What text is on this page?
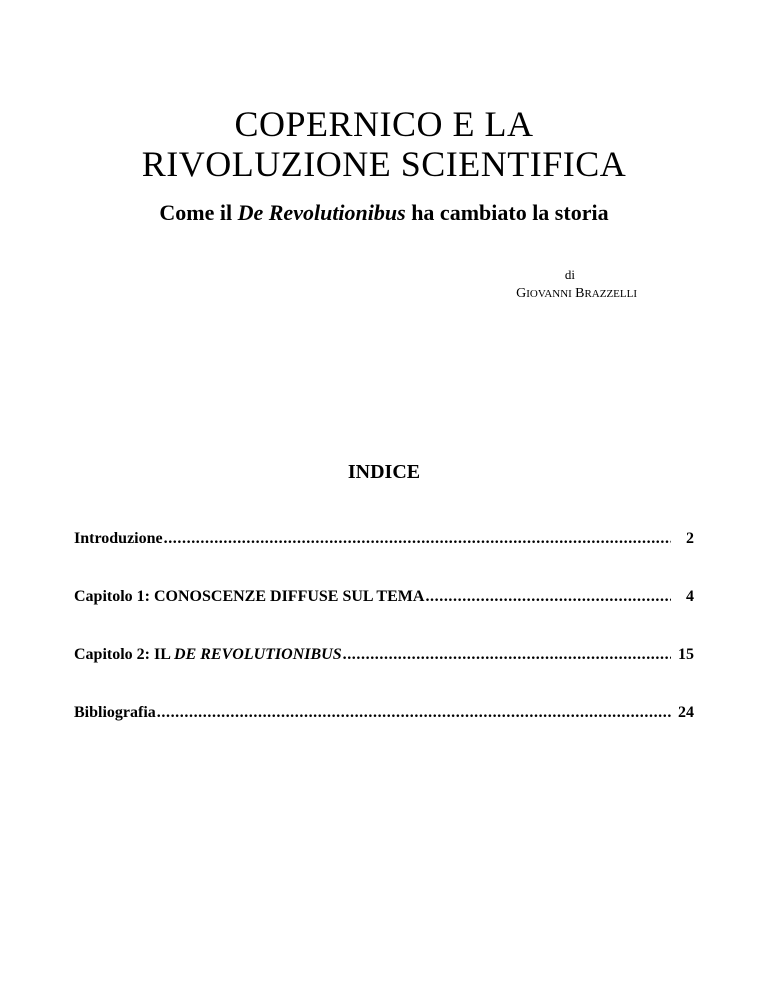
COPERNICO E LA
RIVOLUZIONE SCIENTIFICA
Come il De Revolutionibus ha cambiato la storia
di
GIOVANNI BRAZZELLI
INDICE
Introduzione .....	2
Capitolo 1: CONOSCENZE DIFFUSE SUL TEMA .....	4
Capitolo 2: IL DE REVOLUTIONIBUS .....	15
Bibliografia .....	24
